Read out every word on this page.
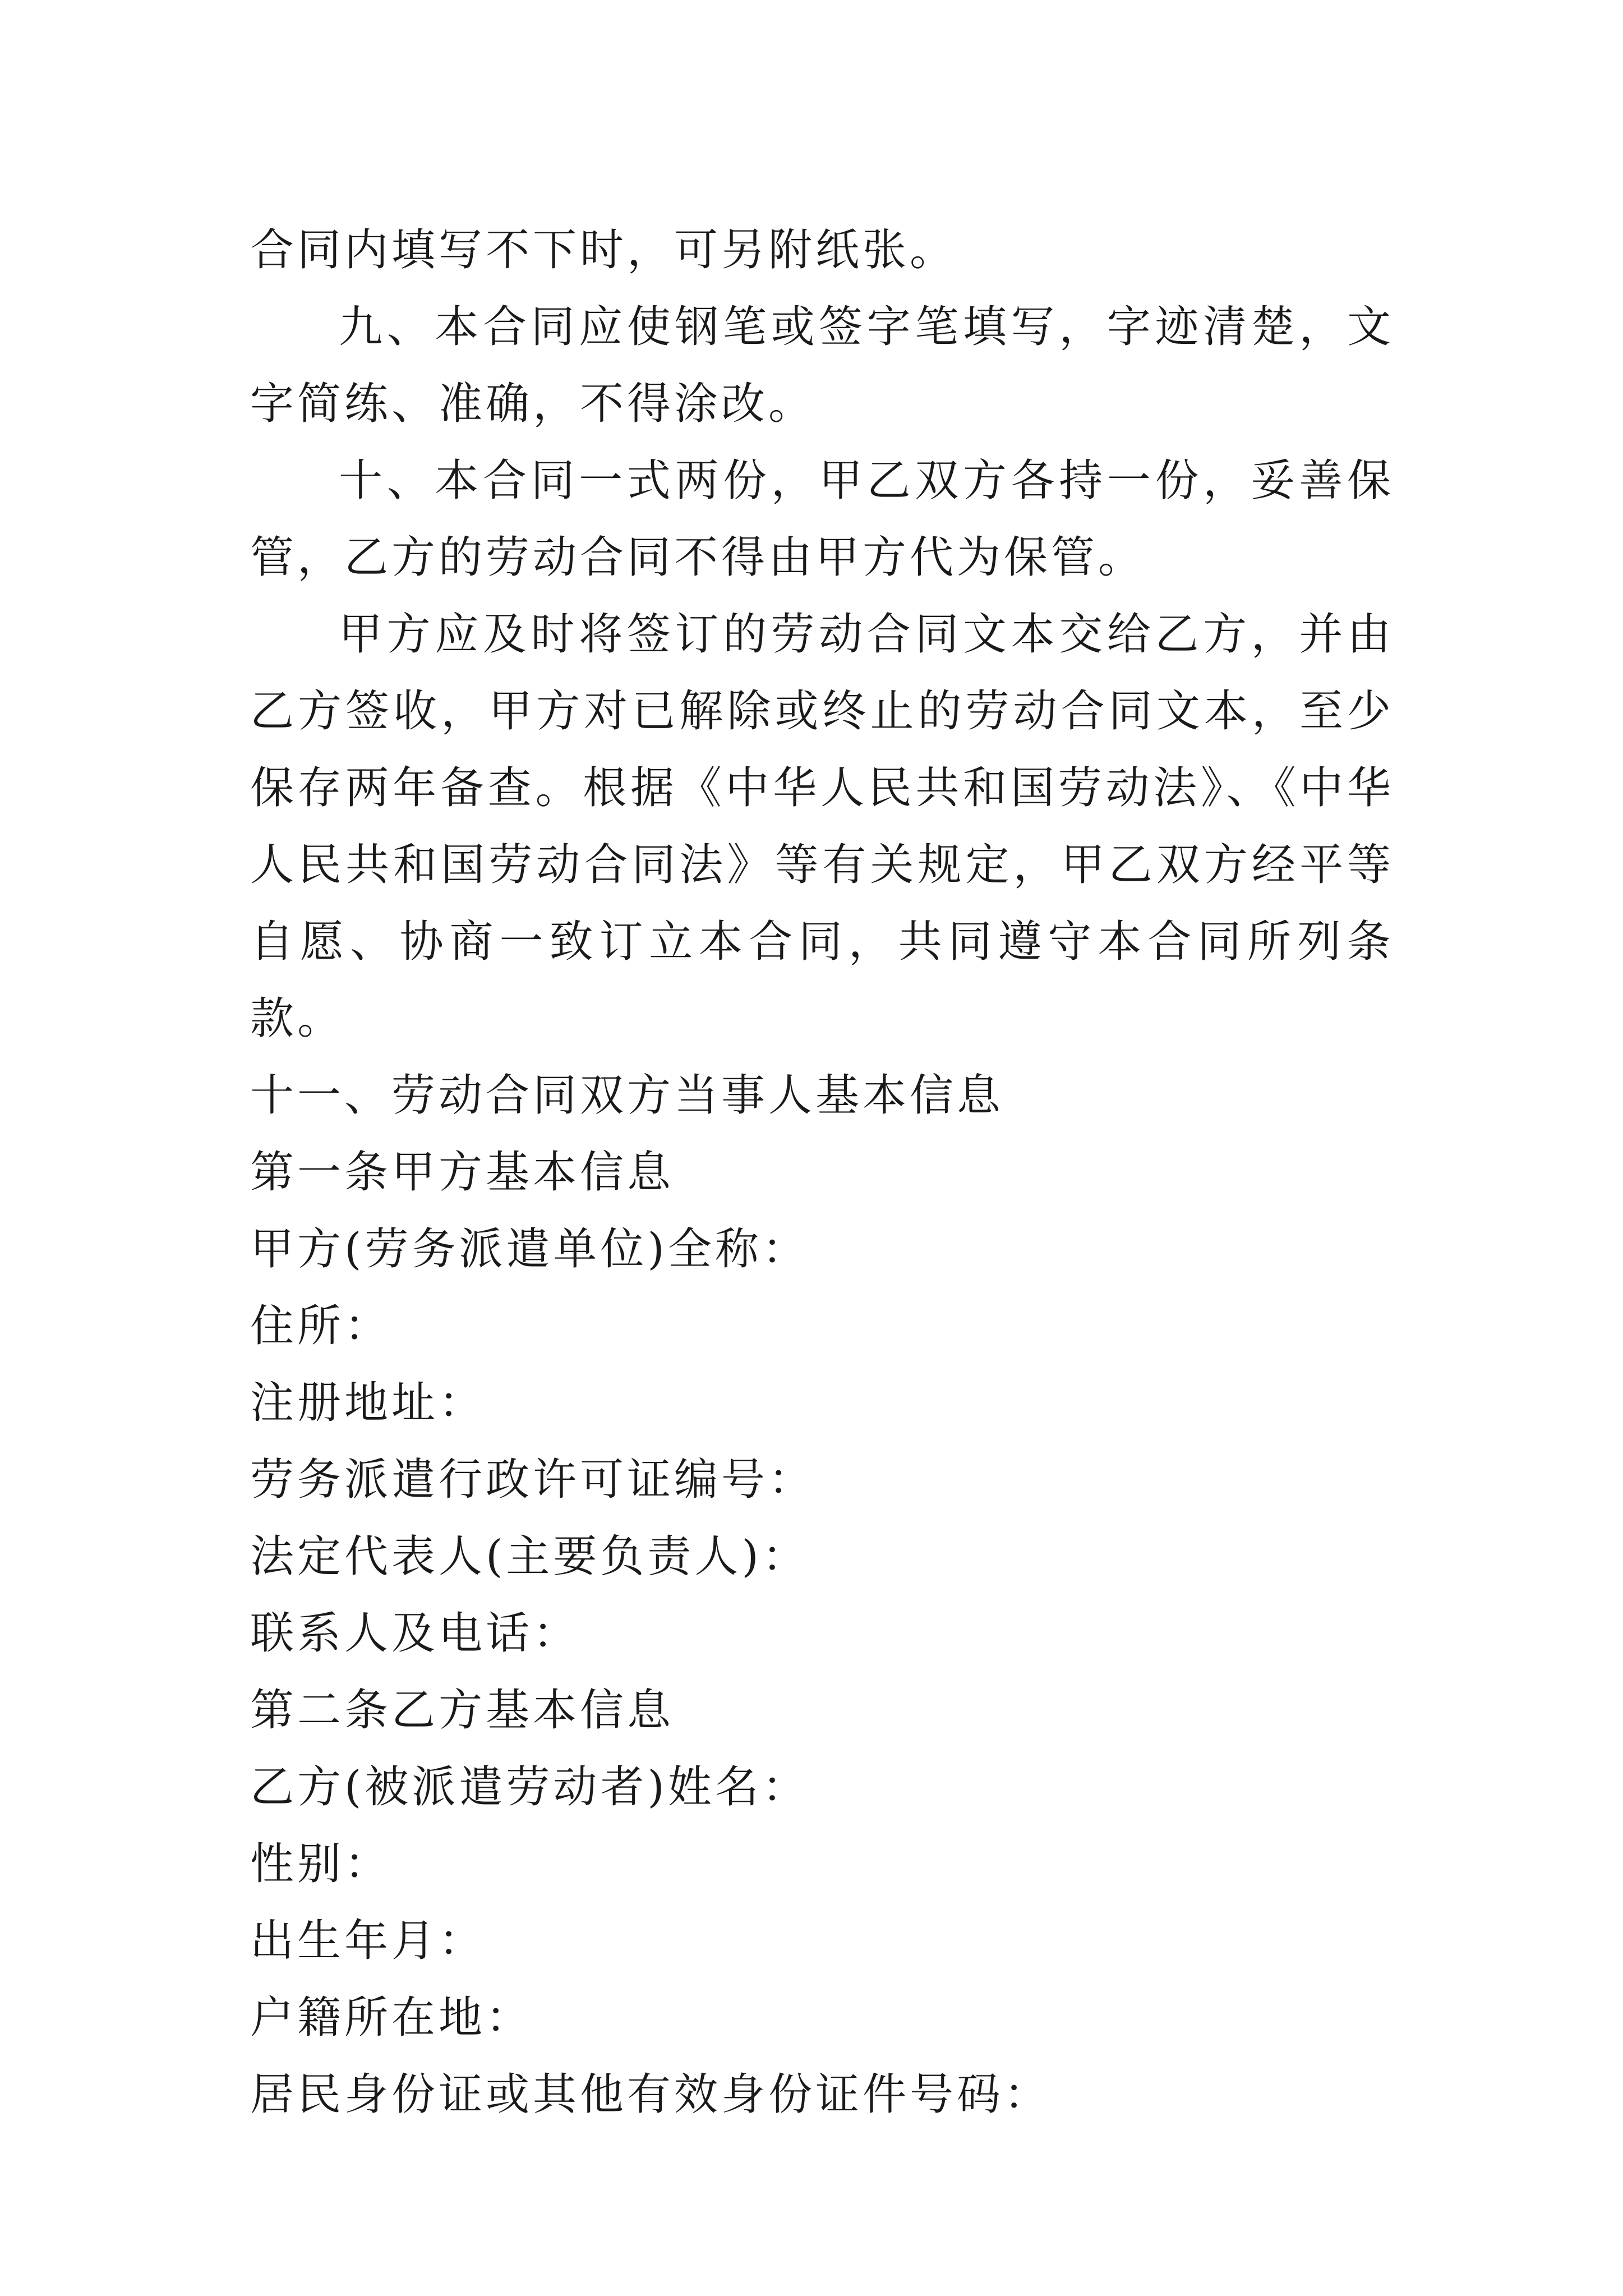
合同内填写不下时，可另附纸张。

九、本合同应使钢笔或签字笔填写，字迹清楚，文字简练、准确，不得涂改。

十、本合同一式两份，甲乙双方各持一份，妥善保管，乙方的劳动合同不得由甲方代为保管。

甲方应及时将签订的劳动合同文本交给乙方，并由乙方签收，甲方对已解除或终止的劳动合同文本，至少保存两年备查。根据《中华人民共和国劳动法》、《中华人民共和国劳动合同法》等有关规定，甲乙双方经平等自愿、协商一致订立本合同，共同遵守本合同所列条款。

十一、劳动合同双方当事人基本信息

第一条甲方基本信息

甲方(劳务派遣单位)全称：

住所：

注册地址：

劳务派遣行政许可证编号：

法定代表人(主要负责人)：

联系人及电话：

第二条乙方基本信息

乙方(被派遣劳动者)姓名：

性别：

出生年月：

户籍所在地：

居民身份证或其他有效身份证件号码：
